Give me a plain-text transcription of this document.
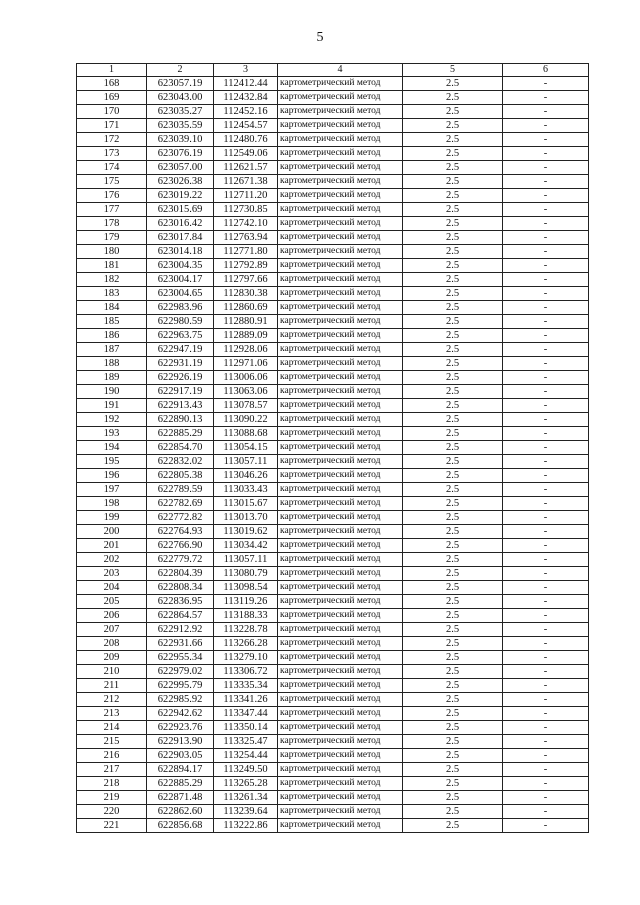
5
1	2	3	4	5	6
168	623057.19	112412.44	картометрический метод	2.5	-
169	623043.00	112432.84	картометрический метод	2.5	-
170	623035.27	112452.16	картометрический метод	2.5	-
171	623035.59	112454.57	картометрический метод	2.5	-
172	623039.10	112480.76	картометрический метод	2.5	-
173	623076.19	112549.06	картометрический метод	2.5	-
174	623057.00	112621.57	картометрический метод	2.5	-
175	623026.38	112671.38	картометрический метод	2.5	-
176	623019.22	112711.20	картометрический метод	2.5	-
177	623015.69	112730.85	картометрический метод	2.5	-
178	623016.42	112742.10	картометрический метод	2.5	-
179	623017.84	112763.94	картометрический метод	2.5	-
180	623014.18	112771.80	картометрический метод	2.5	-
181	623004.35	112792.89	картометрический метод	2.5	-
182	623004.17	112797.66	картометрический метод	2.5	-
183	623004.65	112830.38	картометрический метод	2.5	-
184	622983.96	112860.69	картометрический метод	2.5	-
185	622980.59	112880.91	картометрический метод	2.5	-
186	622963.75	112889.09	картометрический метод	2.5	-
187	622947.19	112928.06	картометрический метод	2.5	-
188	622931.19	112971.06	картометрический метод	2.5	-
189	622926.19	113006.06	картометрический метод	2.5	-
190	622917.19	113063.06	картометрический метод	2.5	-
191	622913.43	113078.57	картометрический метод	2.5	-
192	622890.13	113090.22	картометрический метод	2.5	-
193	622885.29	113088.68	картометрический метод	2.5	-
194	622854.70	113054.15	картометрический метод	2.5	-
195	622832.02	113057.11	картометрический метод	2.5	-
196	622805.38	113046.26	картометрический метод	2.5	-
197	622789.59	113033.43	картометрический метод	2.5	-
198	622782.69	113015.67	картометрический метод	2.5	-
199	622772.82	113013.70	картометрический метод	2.5	-
200	622764.93	113019.62	картометрический метод	2.5	-
201	622766.90	113034.42	картометрический метод	2.5	-
202	622779.72	113057.11	картометрический метод	2.5	-
203	622804.39	113080.79	картометрический метод	2.5	-
204	622808.34	113098.54	картометрический метод	2.5	-
205	622836.95	113119.26	картометрический метод	2.5	-
206	622864.57	113188.33	картометрический метод	2.5	-
207	622912.92	113228.78	картометрический метод	2.5	-
208	622931.66	113266.28	картометрический метод	2.5	-
209	622955.34	113279.10	картометрический метод	2.5	-
210	622979.02	113306.72	картометрический метод	2.5	-
211	622995.79	113335.34	картометрический метод	2.5	-
212	622985.92	113341.26	картометрический метод	2.5	-
213	622942.62	113347.44	картометрический метод	2.5	-
214	622923.76	113350.14	картометрический метод	2.5	-
215	622913.90	113325.47	картометрический метод	2.5	-
216	622903.05	113254.44	картометрический метод	2.5	-
217	622894.17	113249.50	картометрический метод	2.5	-
218	622885.29	113265.28	картометрический метод	2.5	-
219	622871.48	113261.34	картометрический метод	2.5	-
220	622862.60	113239.64	картометрический метод	2.5	-
221	622856.68	113222.86	картометрический метод	2.5	-
